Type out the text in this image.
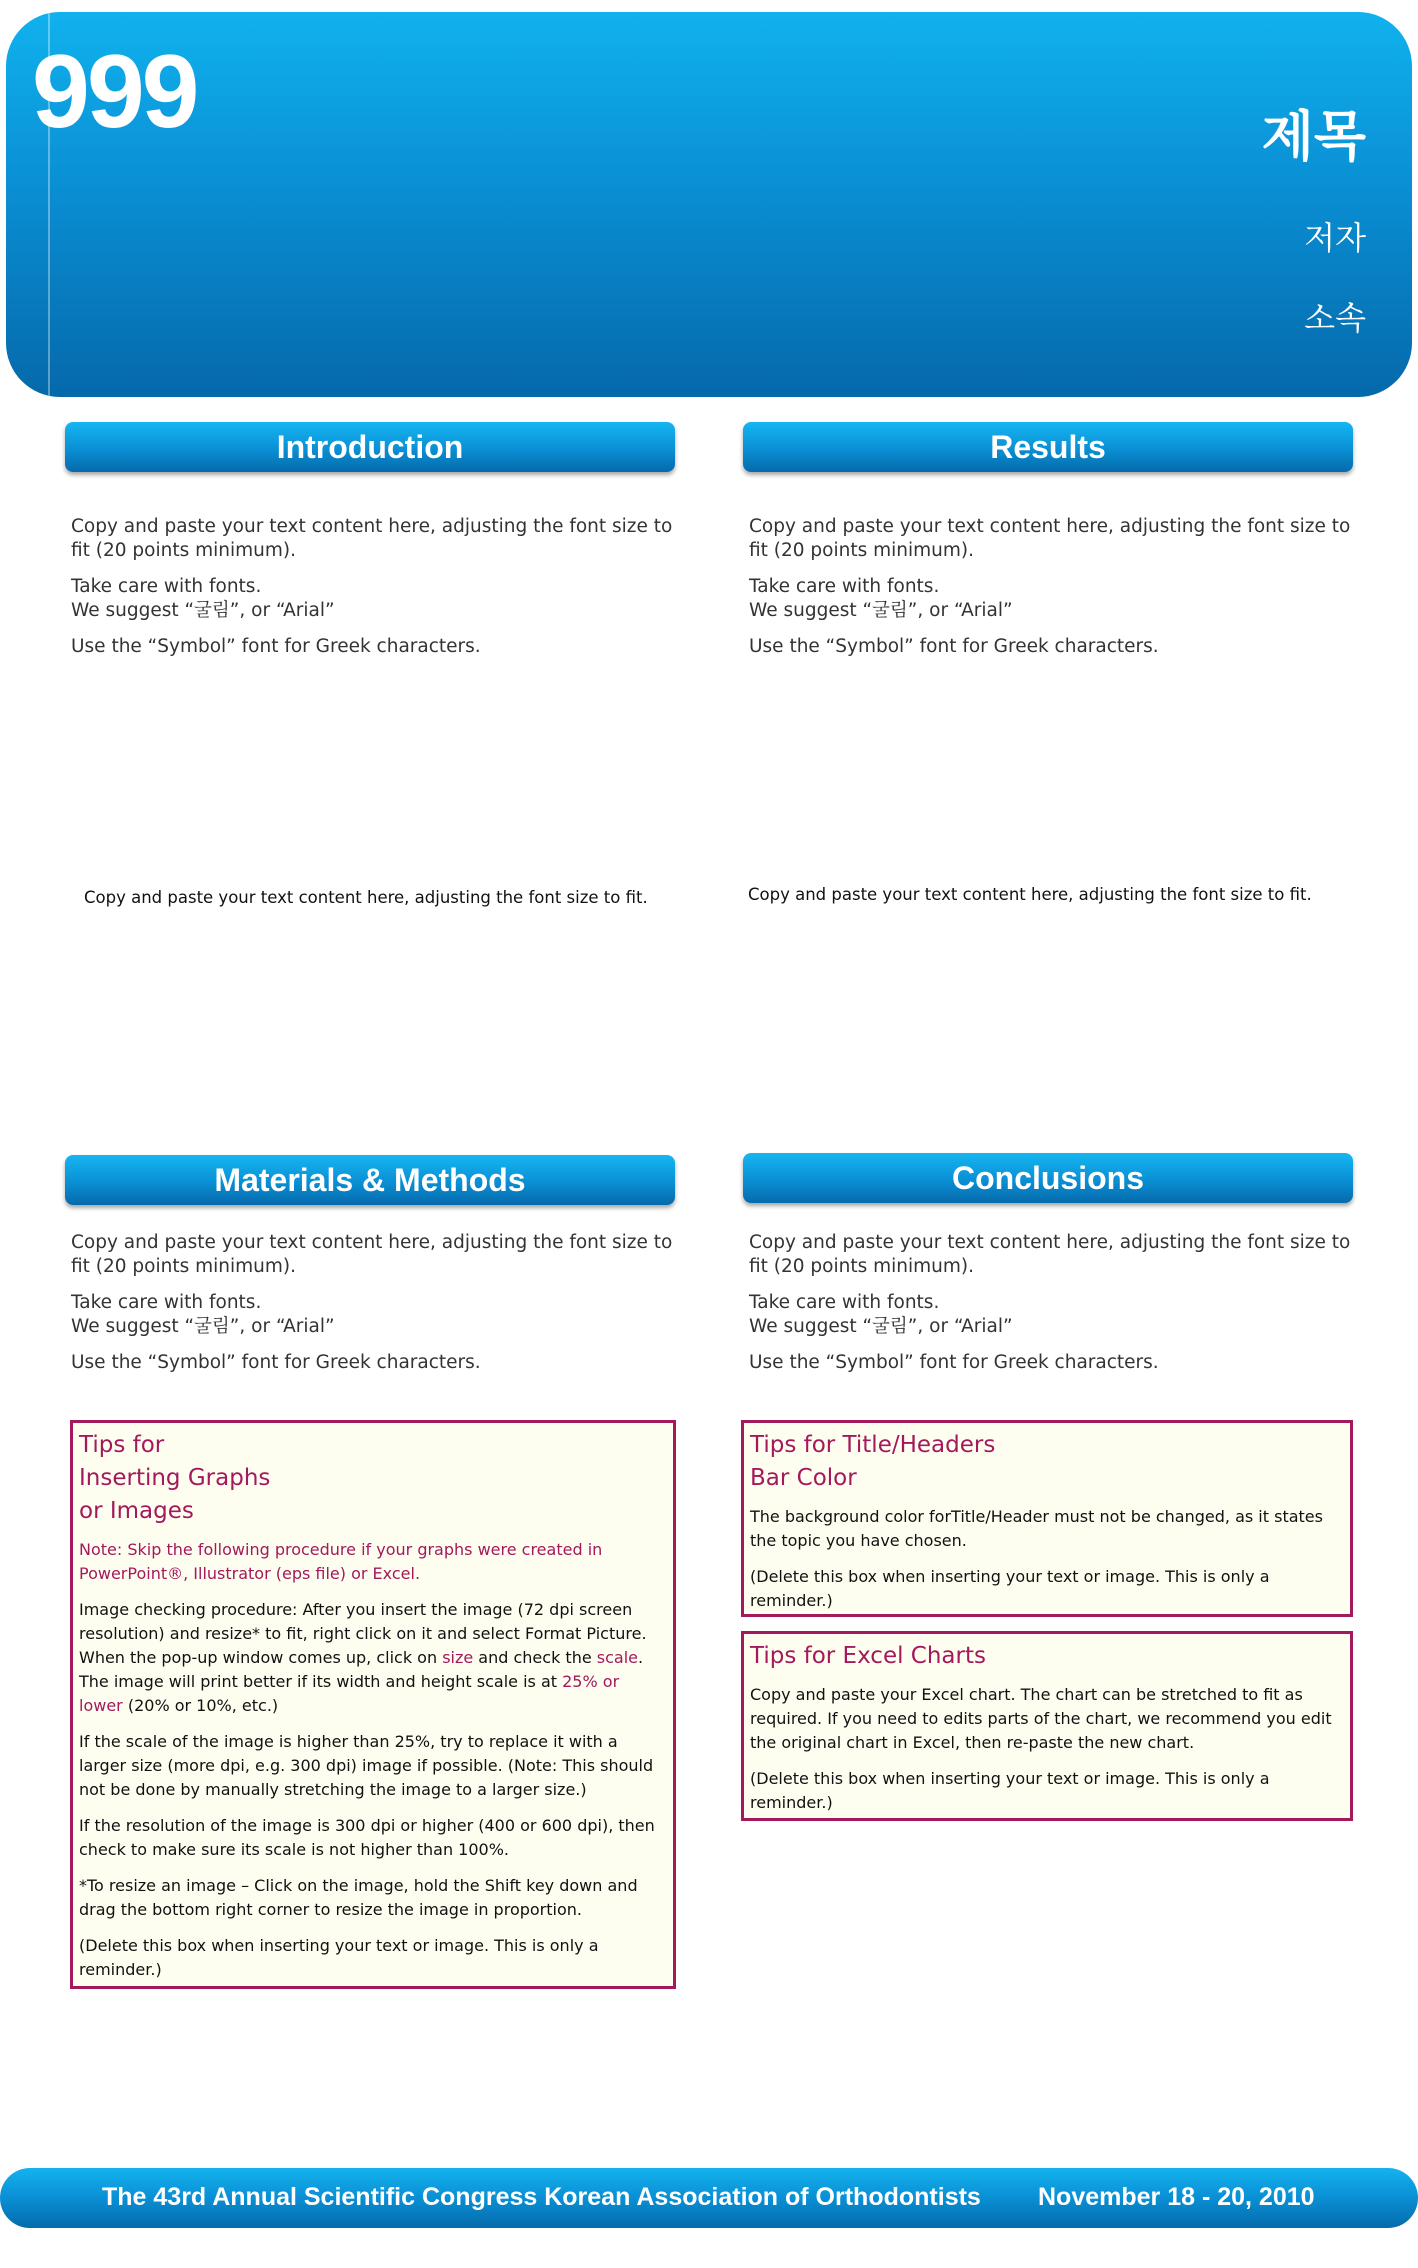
999	제목
저자
소속
Introduction

Copy and paste your text content here, adjusting the font size to fit (20 points minimum).

Take care with fonts.

We suggest “굴림”, or “Arial”

Use the “Symbol” font for Greek characters.

Copy and paste your text content here, adjusting the font size to fit.
Results

Copy and paste your text content here, adjusting the font size to fit (20 points minimum).

Take care with fonts.

We suggest “굴림”, or “Arial”

Use the “Symbol” font for Greek characters.

Copy and paste your text content here, adjusting the font size to fit.
Materials & Methods

Copy and paste your text content here, adjusting the font size to fit (20 points minimum).

Take care with fonts.

We suggest “굴림”, or “Arial”

Use the “Symbol” font for Greek characters.

Conclusions

Copy and paste your text content here, adjusting the font size to fit (20 points minimum).

Take care with fonts.

We suggest “굴림”, or “Arial”

Use the “Symbol” font for Greek characters.

Tips for
Inserting Graphs
or Images

Note: Skip the following procedure if your graphs were created in PowerPoint®, Illustrator (eps file) or Excel.

Image checking procedure: After you insert the image (72 dpi screen resolution) and resize* to fit, right click on it and select Format Picture. When the pop-up window comes up, click on size and check the scale. The image will print better if its width and height scale is at 25% or lower (20% or 10%, etc.)

If the scale of the image is higher than 25%, try to replace it with a larger size (more dpi, e.g. 300 dpi) image if possible. (Note: This should not be done by manually stretching the image to a larger size.)

If the resolution of the image is 300 dpi or higher (400 or 600 dpi), then check to make sure its scale is not higher than 100%.

*To resize an image – Click on the image, hold the Shift key down and drag the bottom right corner to resize the image in proportion.

(Delete this box when inserting your text or image. This is only a reminder.)

Tips for Title/Headers
Bar Color

The background color forTitle/Header must not be changed, as it states the topic you have chosen.

(Delete this box when inserting your text or image. This is only a reminder.)

Tips for Excel Charts

Copy and paste your Excel chart. The chart can be stretched to fit as required. If you need to edits parts of the chart, we recommend you edit the original chart in Excel, then re-paste the new chart.

(Delete this box when inserting your text or image. This is only a reminder.)

The 43rd Annual Scientific Congress Korean Association of Orthodontists November 18 - 20, 2010
